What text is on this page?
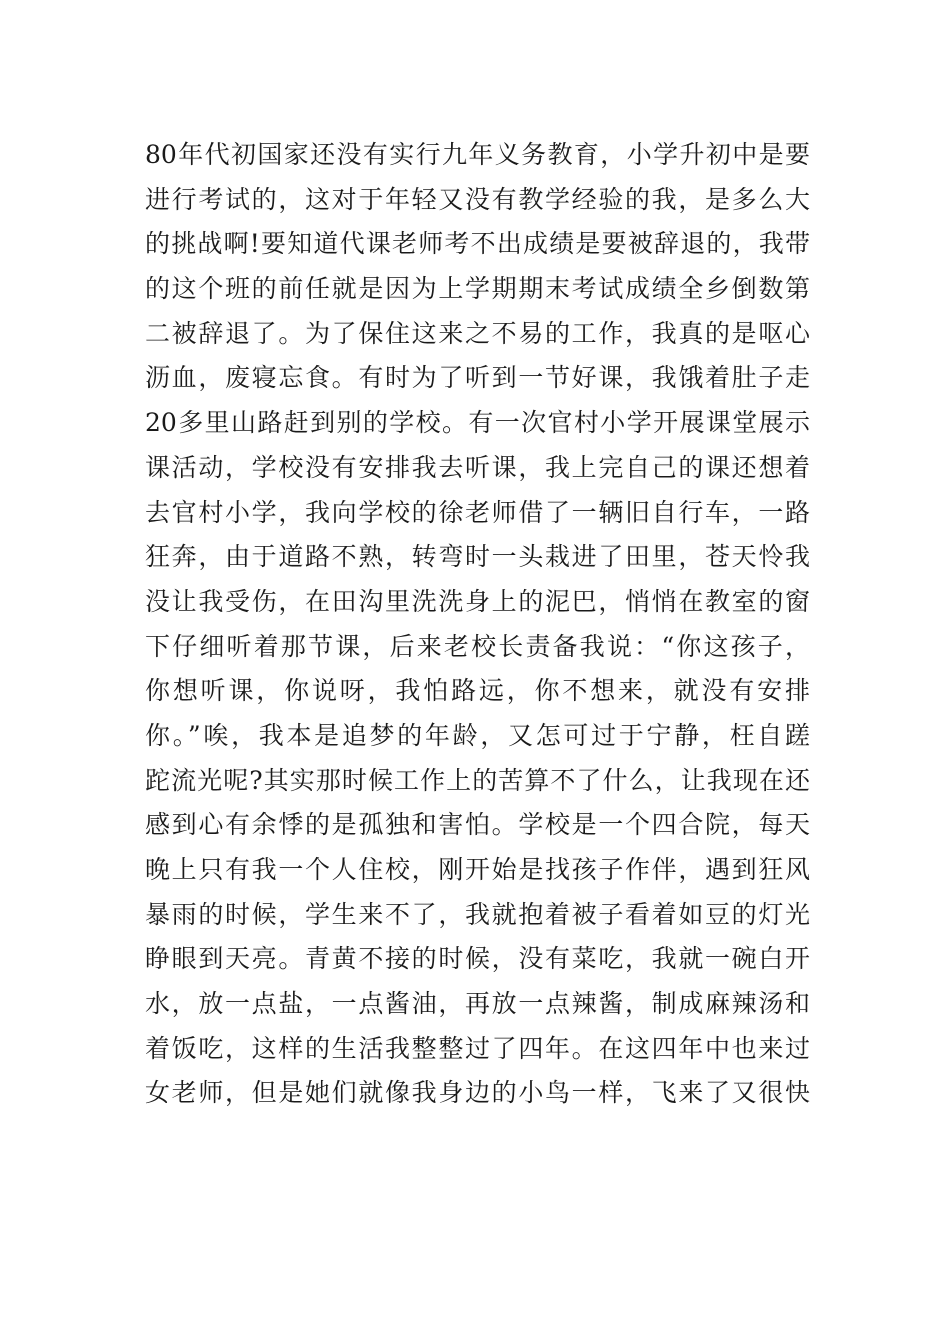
80年代初国家还没有实行九年义务教育，小学升初中是要
进行考试的，这对于年轻又没有教学经验的我，是多么大
的挑战啊!要知道代课老师考不出成绩是要被辞退的，我带
的这个班的前任就是因为上学期期末考试成绩全乡倒数第
二被辞退了。为了保住这来之不易的工作，我真的是呕心
沥血，废寝忘食。有时为了听到一节好课，我饿着肚子走
20多里山路赶到别的学校。有一次官村小学开展课堂展示
课活动，学校没有安排我去听课，我上完自己的课还想着
去官村小学，我向学校的徐老师借了一辆旧自行车，一路
狂奔，由于道路不熟，转弯时一头栽进了田里，苍天怜我
没让我受伤，在田沟里洗洗身上的泥巴，悄悄在教室的窗
下仔细听着那节课，后来老校长责备我说：“你这孩子，
你想听课，你说呀，我怕路远，你不想来，就没有安排
你。”唉，我本是追梦的年龄，又怎可过于宁静，枉自蹉
跎流光呢?其实那时候工作上的苦算不了什么，让我现在还
感到心有余悸的是孤独和害怕。学校是一个四合院，每天
晚上只有我一个人住校，刚开始是找孩子作伴，遇到狂风
暴雨的时候，学生来不了，我就抱着被子看着如豆的灯光
睁眼到天亮。青黄不接的时候，没有菜吃，我就一碗白开
水，放一点盐，一点酱油，再放一点辣酱，制成麻辣汤和
着饭吃，这样的生活我整整过了四年。在这四年中也来过
女老师，但是她们就像我身边的小鸟一样，飞来了又很快
